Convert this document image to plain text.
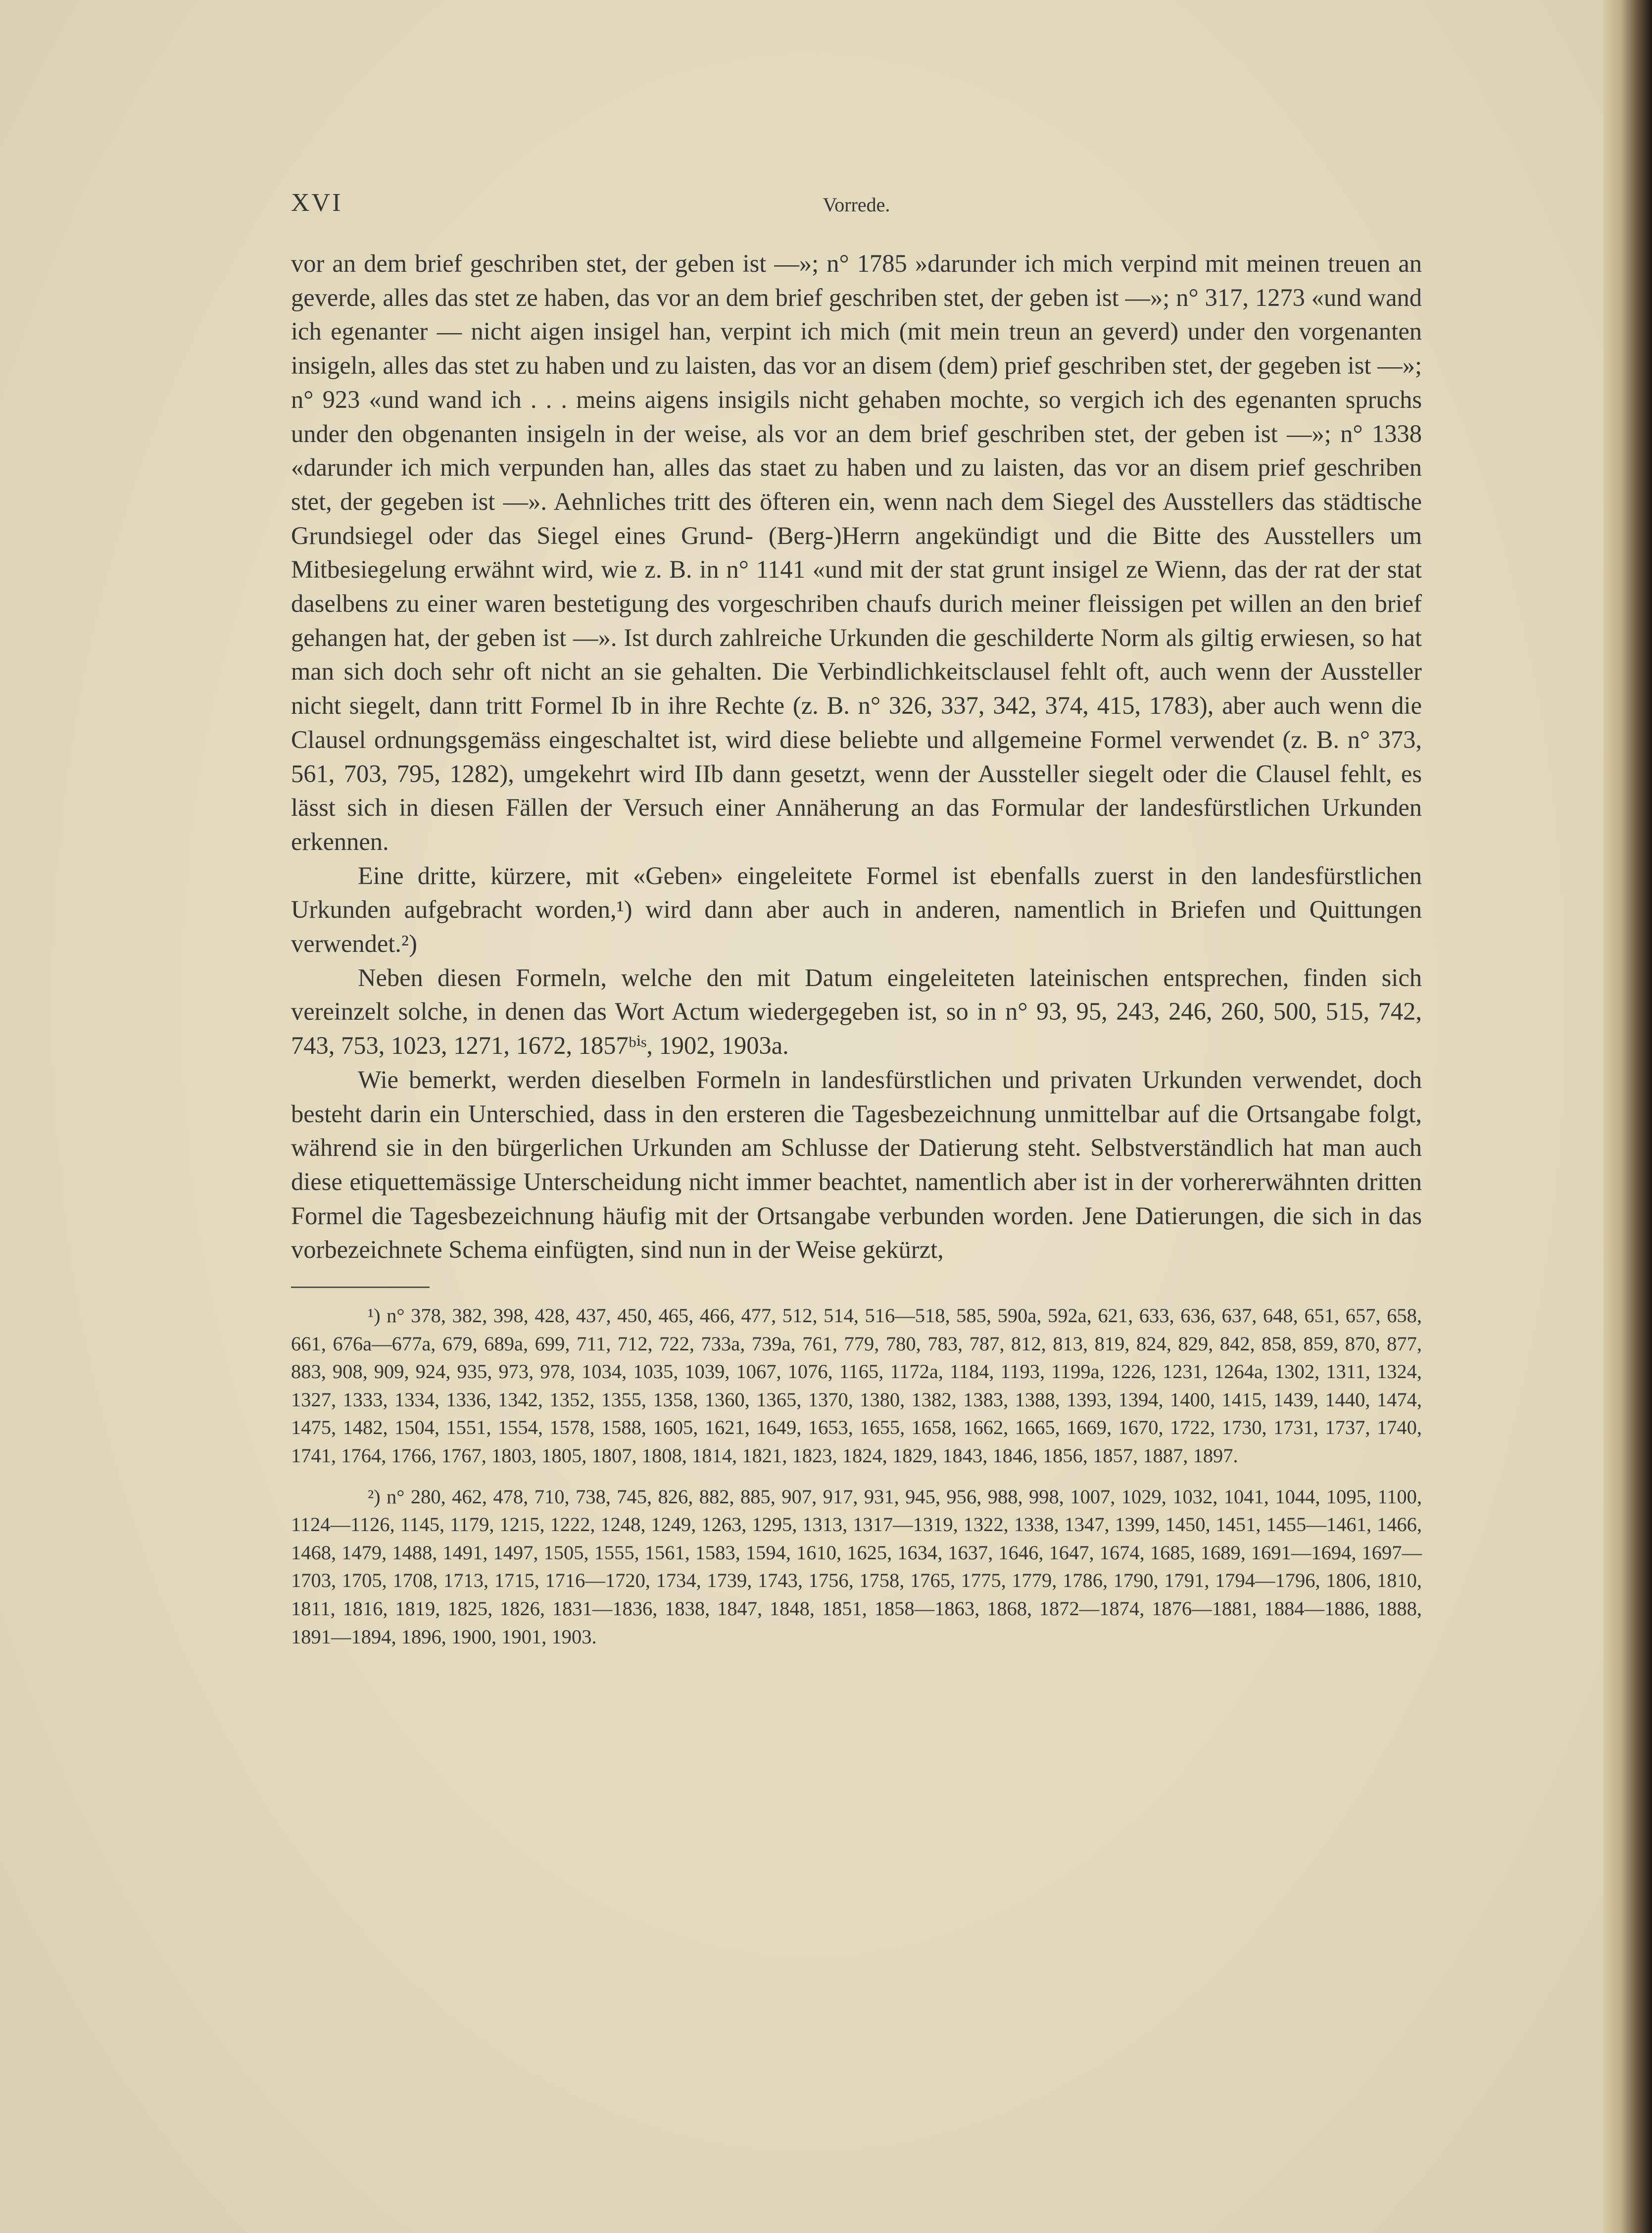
XVI	Vorrede.

vor an dem brief geschriben stet, der geben ist —»; n° 1785 »darunder ich mich verpind mit meinen treuen an geverde, alles das stet ze haben, das vor an dem brief geschriben stet, der geben ist —»; n° 317, 1273 «und wand ich egenanter — nicht aigen insigel han, verpint ich mich (mit mein treun an geverd) under den vorgenanten insigeln, alles das stet zu haben und zu laisten, das vor an disem (dem) prief geschriben stet, der gegeben ist —»; n° 923 «und wand ich . . . meins aigens insigils nicht gehaben mochte, so vergich ich des egenanten spruchs under den obgenanten insigeln in der weise, als vor an dem brief geschriben stet, der geben ist —»; n° 1338 «darunder ich mich verpunden han, alles das staet zu haben und zu laisten, das vor an disem prief geschriben stet, der gegeben ist —». Aehnliches tritt des öfteren ein, wenn nach dem Siegel des Ausstellers das städtische Grundsiegel oder das Siegel eines Grund- (Berg-)Herrn angekündigt und die Bitte des Ausstellers um Mitbesiegelung erwähnt wird, wie z. B. in n° 1141 «und mit der stat grunt insigel ze Wienn, das der rat der stat daselbens zu einer waren bestetigung des vorgeschriben chaufs durich meiner fleissigen pet willen an den brief gehangen hat, der geben ist —». Ist durch zahlreiche Urkunden die geschilderte Norm als giltig erwiesen, so hat man sich doch sehr oft nicht an sie gehalten. Die Verbindlichkeitsclausel fehlt oft, auch wenn der Aussteller nicht siegelt, dann tritt Formel Ib in ihre Rechte (z. B. n° 326, 337, 342, 374, 415, 1783), aber auch wenn die Clausel ordnungsgemäss eingeschaltet ist, wird diese beliebte und allgemeine Formel verwendet (z. B. n° 373, 561, 703, 795, 1282), umgekehrt wird IIb dann gesetzt, wenn der Aussteller siegelt oder die Clausel fehlt, es lässt sich in diesen Fällen der Versuch einer Annäherung an das Formular der landesfürstlichen Urkunden erkennen.

Eine dritte, kürzere, mit «Geben» eingeleitete Formel ist ebenfalls zuerst in den landesfürstlichen Urkunden aufgebracht worden,¹) wird dann aber auch in anderen, namentlich in Briefen und Quittungen verwendet.²)

Neben diesen Formeln, welche den mit Datum eingeleiteten lateinischen entsprechen, finden sich vereinzelt solche, in denen das Wort Actum wiedergegeben ist, so in n° 93, 95, 243, 246, 260, 500, 515, 742, 743, 753, 1023, 1271, 1672, 1857ᵇⁱˢ, 1902, 1903a.

Wie bemerkt, werden dieselben Formeln in landesfürstlichen und privaten Urkunden verwendet, doch besteht darin ein Unterschied, dass in den ersteren die Tagesbezeichnung unmittelbar auf die Ortsangabe folgt, während sie in den bürgerlichen Urkunden am Schlusse der Datierung steht. Selbstverständlich hat man auch diese etiquettemässige Unterscheidung nicht immer beachtet, namentlich aber ist in der vorhererwähnten dritten Formel die Tagesbezeichnung häufig mit der Ortsangabe verbunden worden. Jene Datierungen, die sich in das vorbezeichnete Schema einfügten, sind nun in der Weise gekürzt,

¹) n° 378, 382, 398, 428, 437, 450, 465, 466, 477, 512, 514, 516—518, 585, 590a, 592a, 621, 633, 636, 637, 648, 651, 657, 658, 661, 676a—677a, 679, 689a, 699, 711, 712, 722, 733a, 739a, 761, 779, 780, 783, 787, 812, 813, 819, 824, 829, 842, 858, 859, 870, 877, 883, 908, 909, 924, 935, 973, 978, 1034, 1035, 1039, 1067, 1076, 1165, 1172a, 1184, 1193, 1199a, 1226, 1231, 1264a, 1302, 1311, 1324, 1327, 1333, 1334, 1336, 1342, 1352, 1355, 1358, 1360, 1365, 1370, 1380, 1382, 1383, 1388, 1393, 1394, 1400, 1415, 1439, 1440, 1474, 1475, 1482, 1504, 1551, 1554, 1578, 1588, 1605, 1621, 1649, 1653, 1655, 1658, 1662, 1665, 1669, 1670, 1722, 1730, 1731, 1737, 1740, 1741, 1764, 1766, 1767, 1803, 1805, 1807, 1808, 1814, 1821, 1823, 1824, 1829, 1843, 1846, 1856, 1857, 1887, 1897.

²) n° 280, 462, 478, 710, 738, 745, 826, 882, 885, 907, 917, 931, 945, 956, 988, 998, 1007, 1029, 1032, 1041, 1044, 1095, 1100, 1124—1126, 1145, 1179, 1215, 1222, 1248, 1249, 1263, 1295, 1313, 1317—1319, 1322, 1338, 1347, 1399, 1450, 1451, 1455—1461, 1466, 1468, 1479, 1488, 1491, 1497, 1505, 1555, 1561, 1583, 1594, 1610, 1625, 1634, 1637, 1646, 1647, 1674, 1685, 1689, 1691—1694, 1697—1703, 1705, 1708, 1713, 1715, 1716—1720, 1734, 1739, 1743, 1756, 1758, 1765, 1775, 1779, 1786, 1790, 1791, 1794—1796, 1806, 1810, 1811, 1816, 1819, 1825, 1826, 1831—1836, 1838, 1847, 1848, 1851, 1858—1863, 1868, 1872—1874, 1876—1881, 1884—1886, 1888, 1891—1894, 1896, 1900, 1901, 1903.
